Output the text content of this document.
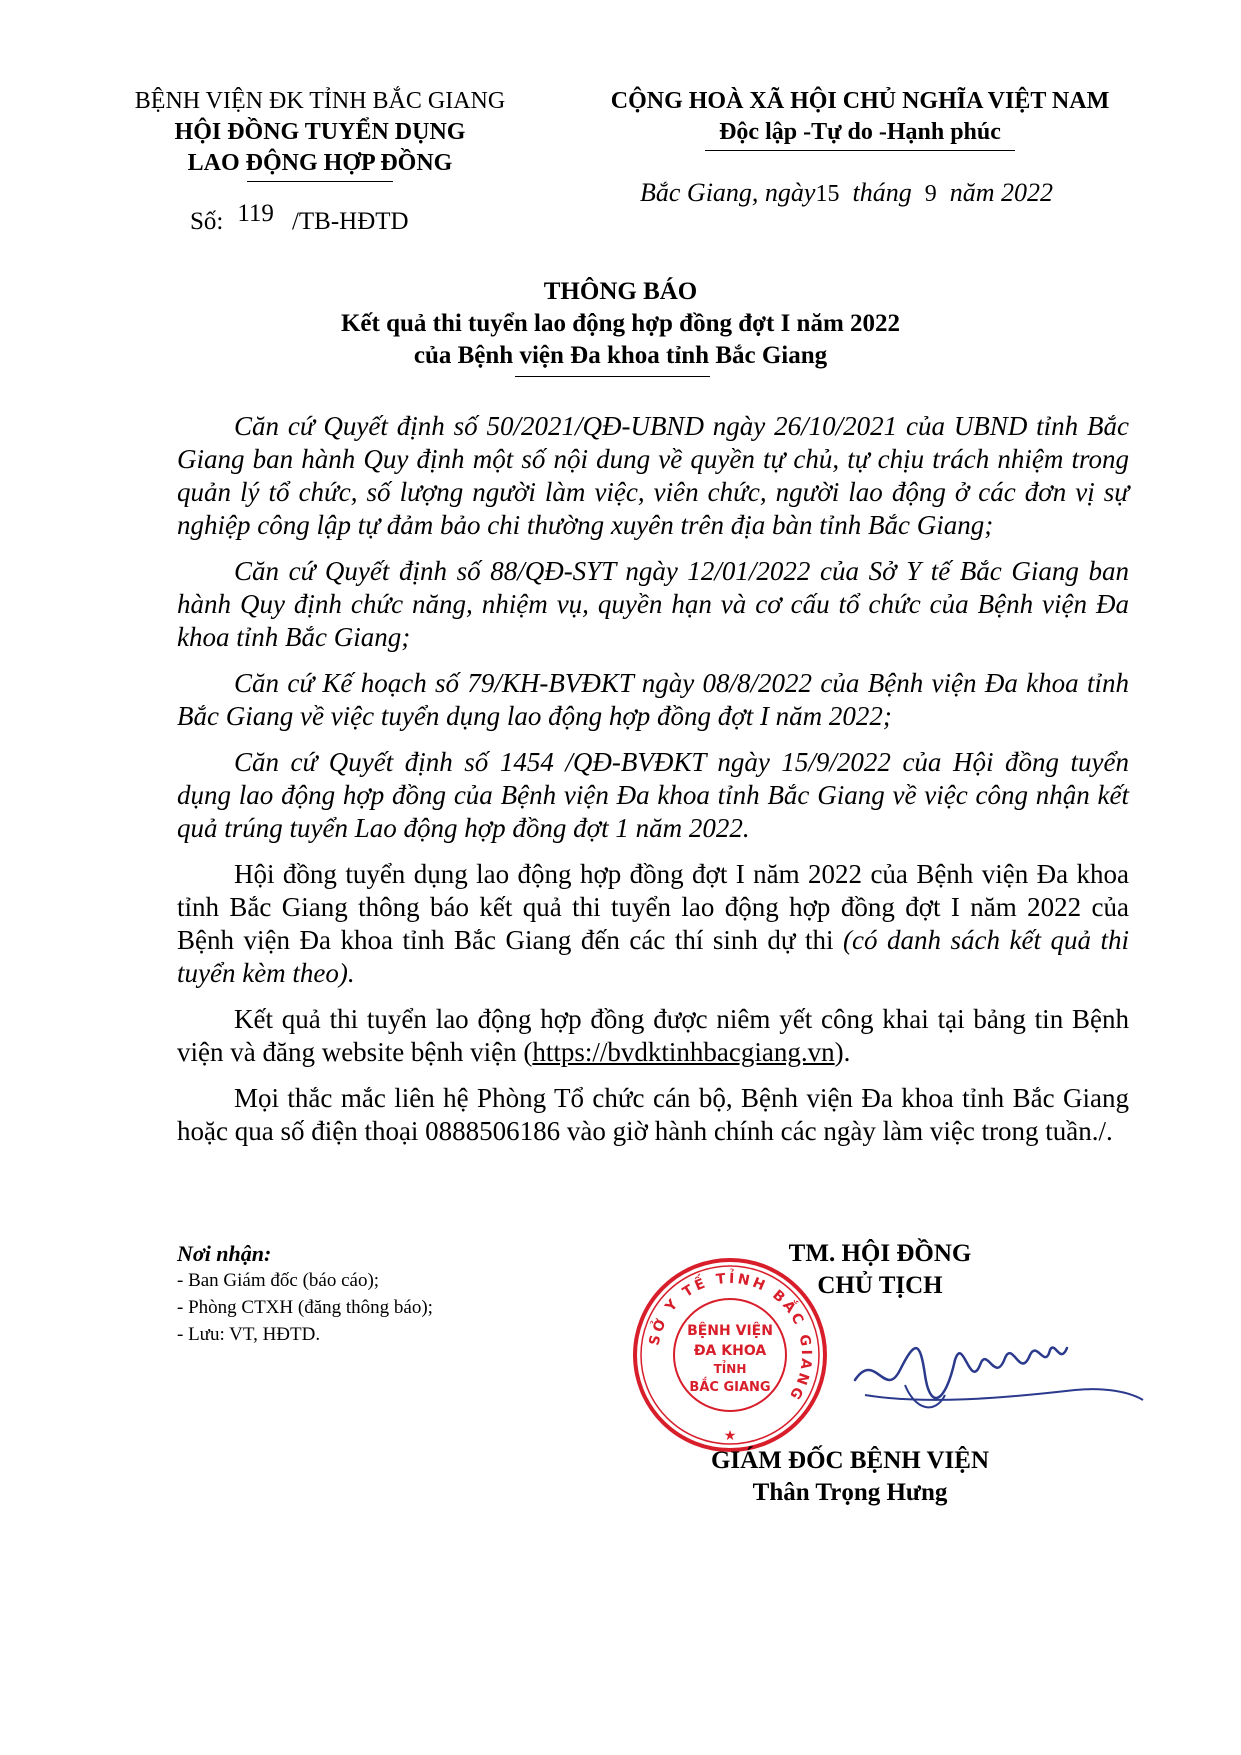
BỆNH VIỆN ĐK TỈNH BẮC GIANG
HỘI ĐỒNG TUYỂN DỤNG
LAO ĐỘNG HỢP ĐỒNG
CỘNG HOÀ XÃ HỘI CHỦ NGHĨA VIỆT NAM
Độc lập -Tự do -Hạnh phúc
Bắc Giang, ngày15 tháng 9 năm 2022
Số: 119 /TB-HĐTD
THÔNG BÁO
Kết quả thi tuyển lao động hợp đồng đợt I năm 2022
của Bệnh viện Đa khoa tỉnh Bắc Giang

Căn cứ Quyết định số 50/2021/QĐ-UBND ngày 26/10/2021 của UBND tỉnh Bắc Giang ban hành Quy định một số nội dung về quyền tự chủ, tự chịu trách nhiệm trong quản lý tổ chức, số lượng người làm việc, viên chức, người lao động ở các đơn vị sự nghiệp công lập tự đảm bảo chi thường xuyên trên địa bàn tỉnh Bắc Giang;

Căn cứ Quyết định số 88/QĐ-SYT ngày 12/01/2022 của Sở Y tế Bắc Giang ban hành Quy định chức năng, nhiệm vụ, quyền hạn và cơ cấu tổ chức của Bệnh viện Đa khoa tỉnh Bắc Giang;

Căn cứ Kế hoạch số 79/KH-BVĐKT ngày 08/8/2022 của Bệnh viện Đa khoa tỉnh Bắc Giang về việc tuyển dụng lao động hợp đồng đợt I năm 2022;

Căn cứ Quyết định số 1454 /QĐ-BVĐKT ngày 15/9/2022 của Hội đồng tuyển dụng lao động hợp đồng của Bệnh viện Đa khoa tỉnh Bắc Giang về việc công nhận kết quả trúng tuyển Lao động hợp đồng đợt 1 năm 2022.

Hội đồng tuyển dụng lao động hợp đồng đợt I năm 2022 của Bệnh viện Đa khoa tỉnh Bắc Giang thông báo kết quả thi tuyển lao động hợp đồng đợt I năm 2022 của Bệnh viện Đa khoa tỉnh Bắc Giang đến các thí sinh dự thi (có danh sách kết quả thi tuyển kèm theo).

Kết quả thi tuyển lao động hợp đồng được niêm yết công khai tại bảng tin Bệnh viện và đăng website bệnh viện (https://bvdktinhbacgiang.vn).

Mọi thắc mắc liên hệ Phòng Tổ chức cán bộ, Bệnh viện Đa khoa tỉnh Bắc Giang hoặc qua số điện thoại 0888506186 vào giờ hành chính các ngày làm việc trong tuần./.

Nơi nhận:
- Ban Giám đốc (báo cáo);
- Phòng CTXH (đăng thông báo);
- Lưu: VT, HĐTD.
TM. HỘI ĐỒNG
CHỦ TỊCH
SỞ Y TẾ TỈNH BẮC GIANG
BỆNH VIỆN
ĐA KHOA
TỈNH
BẮC GIANG
★
GIÁM ĐỐC BỆNH VIỆN
Thân Trọng Hưng
